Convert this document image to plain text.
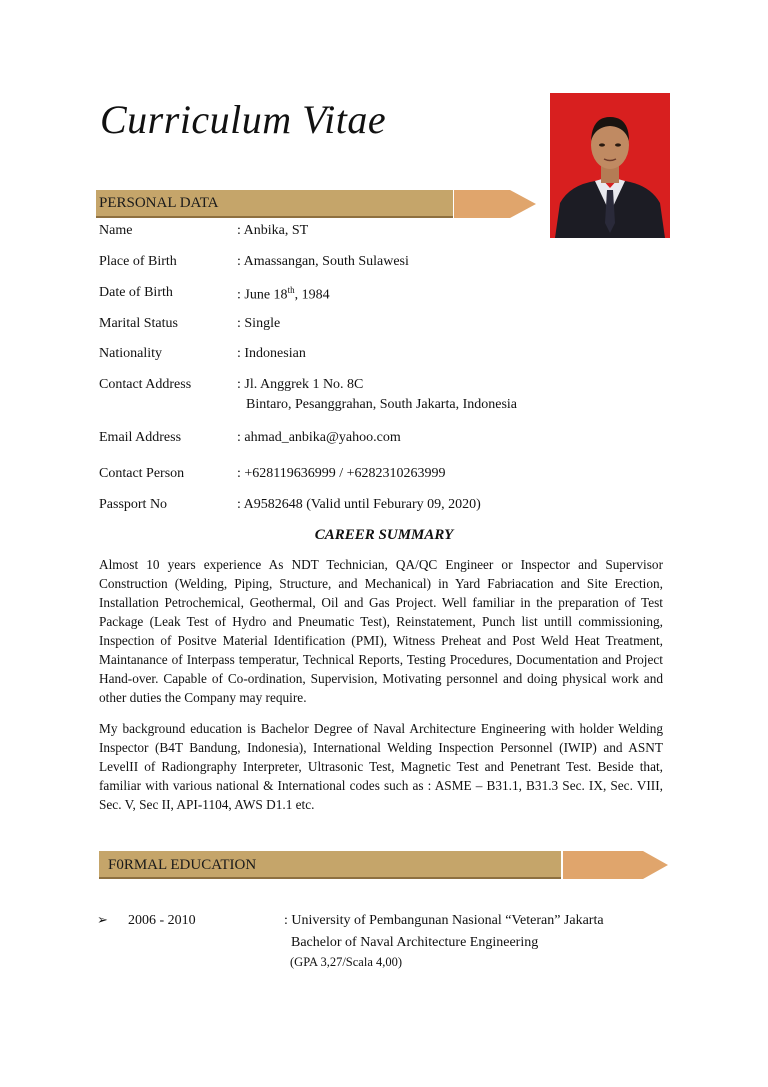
Curriculum Vitae
PERSONAL DATA
Name	: Anbika, ST
Place of Birth	: Amassangan, South Sulawesi
Date of Birth	: June 18th, 1984
Marital Status	: Single
Nationality	: Indonesian
Contact Address	: Jl. Anggrek 1 No. 8C
Bintaro, Pesanggrahan, South Jakarta, Indonesia
Email Address	: ahmad_anbika@yahoo.com
Contact Person	: +628119636999 / +6282310263999
Passport No	: A9582648 (Valid until Feburary 09, 2020)
CAREER SUMMARY
Almost 10 years experience As NDT Technician, QA/QC Engineer or Inspector and Supervisor Construction (Welding, Piping, Structure, and Mechanical) in Yard Fabriacation and Site Erection, Installation Petrochemical, Geothermal, Oil and Gas Project. Well familiar in the preparation of Test Package (Leak Test of Hydro and Pneumatic Test), Reinstatement, Punch list untill commissioning, Inspection of Positve Material Identification (PMI), Witness Preheat and Post Weld Heat Treatment, Maintanance of Interpass temperatur, Technical Reports, Testing Procedures, Documentation and Project Hand-over. Capable of Co-ordination, Supervision, Motivating personnel and doing physical work and other duties the Company may require.
My background education is Bachelor Degree of Naval Architecture Engineering with holder Welding Inspector (B4T Bandung, Indonesia), International Welding Inspection Personnel (IWIP) and ASNT LevelII of Radiongraphy Interpreter, Ultrasonic Test, Magnetic Test and Penetrant Test. Beside that, familiar with various national & International codes such as : ASME – B31.1, B31.3 Sec. IX, Sec. VIII, Sec. V, Sec II, API-1104, AWS D1.1 etc.
F0RMAL EDUCATION
➢ 2006 - 2010	: University of Pembangunan Nasional “Veteran” Jakarta
Bachelor of Naval Architecture Engineering
(GPA 3,27/Scala 4,00)
